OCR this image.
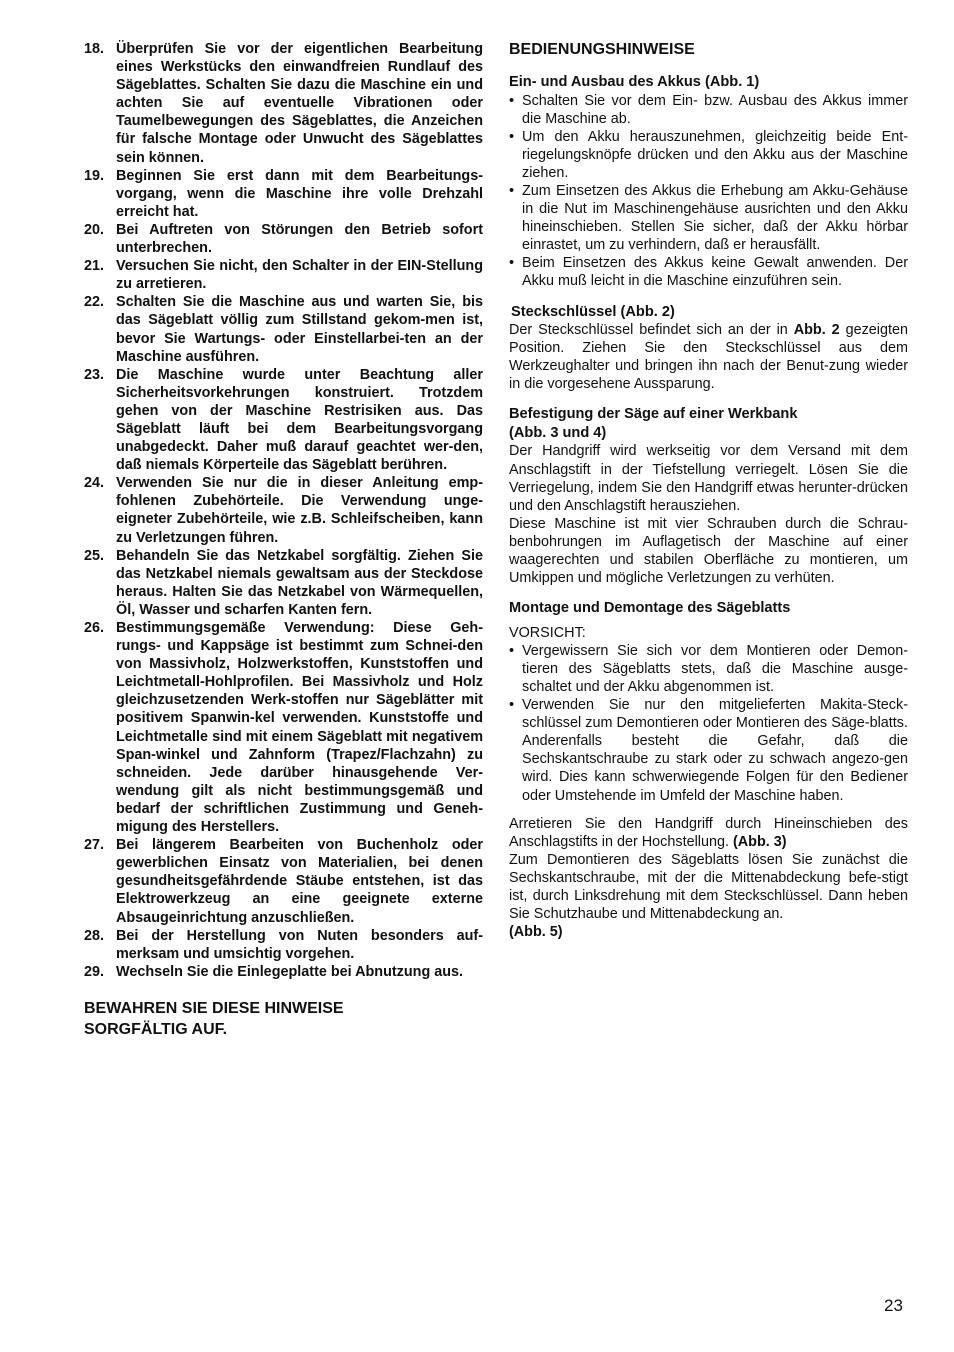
18. Überprüfen Sie vor der eigentlichen Bearbeitung eines Werkstücks den einwandfreien Rundlauf des Sägeblattes. Schalten Sie dazu die Maschine ein und achten Sie auf eventuelle Vibrationen oder Taumelbewegungen des Sägeblattes, die Anzeichen für falsche Montage oder Unwucht des Sägeblattes sein können.
19. Beginnen Sie erst dann mit dem Bearbeitungs-vorgang, wenn die Maschine ihre volle Drehzahl erreicht hat.
20. Bei Auftreten von Störungen den Betrieb sofort unterbrechen.
21. Versuchen Sie nicht, den Schalter in der EIN-Stellung zu arretieren.
22. Schalten Sie die Maschine aus und warten Sie, bis das Sägeblatt völlig zum Stillstand gekom-men ist, bevor Sie Wartungs- oder Einstellarbei-ten an der Maschine ausführen.
23. Die Maschine wurde unter Beachtung aller Sicherheitsvorkehrungen konstruiert. Trotzdem gehen von der Maschine Restrisiken aus. Das Sägeblatt läuft bei dem Bearbeitungsvorgang unabgedeckt. Daher muß darauf geachtet wer-den, daß niemals Körperteile das Sägeblatt berühren.
24. Verwenden Sie nur die in dieser Anleitung emp-fohlenen Zubehörteile. Die Verwendung unge-eigneter Zubehörteile, wie z.B. Schleifscheiben, kann zu Verletzungen führen.
25. Behandeln Sie das Netzkabel sorgfältig. Ziehen Sie das Netzkabel niemals gewaltsam aus der Steckdose heraus. Halten Sie das Netzkabel von Wärmequellen, Öl, Wasser und scharfen Kanten fern.
26. Bestimmungsgemäße Verwendung: Diese Geh-rungs- und Kappsäge ist bestimmt zum Schnei-den von Massivholz, Holzwerkstoffen, Kunststoffen und Leichtmetall-Hohlprofilen. Bei Massivholz und Holz gleichzusetzenden Werk-stoffen nur Sägeblätter mit positivem Spanwin-kel verwenden. Kunststoffe und Leichtmetalle sind mit einem Sägeblatt mit negativem Span-winkel und Zahnform (Trapez/Flachzahn) zu schneiden. Jede darüber hinausgehende Ver-wendung gilt als nicht bestimmungsgemäß und bedarf der schriftlichen Zustimmung und Geneh-migung des Herstellers.
27. Bei längerem Bearbeiten von Buchenholz oder gewerblichen Einsatz von Materialien, bei denen gesundheitsgefährdende Stäube entstehen, ist das Elektrowerkzeug an eine geeignete externe Absaugeinrichtung anzuschließen.
28. Bei der Herstellung von Nuten besonders auf-merksam und umsichtig vorgehen.
29. Wechseln Sie die Einlegeplatte bei Abnutzung aus.
BEWAHREN SIE DIESE HINWEISE
SORGFÄLTIG AUF.
BEDIENUNGSHINWEISE
Ein- und Ausbau des Akkus (Abb. 1)
• Schalten Sie vor dem Ein- bzw. Ausbau des Akkus immer die Maschine ab.
• Um den Akku herauszunehmen, gleichzeitig beide Ent-riegelungsknöpfe drücken und den Akku aus der Maschine ziehen.
• Zum Einsetzen des Akkus die Erhebung am Akku-Gehäuse in die Nut im Maschinengehäuse ausrichten und den Akku hineinschieben. Stellen Sie sicher, daß der Akku hörbar einrastet, um zu verhindern, daß er herausfällt.
• Beim Einsetzen des Akkus keine Gewalt anwenden. Der Akku muß leicht in die Maschine einzuführen sein.
Steckschlüssel (Abb. 2)
Der Steckschlüssel befindet sich an der in Abb. 2 gezeigten Position. Ziehen Sie den Steckschlüssel aus dem Werkzeughalter und bringen ihn nach der Benut-zung wieder in die vorgesehene Aussparung.
Befestigung der Säge auf einer Werkbank
(Abb. 3 und 4)
Der Handgriff wird werkseitig vor dem Versand mit dem Anschlagstift in der Tiefstellung verriegelt. Lösen Sie die Verriegelung, indem Sie den Handgriff etwas herunter-drücken und den Anschlagstift herausziehen.
Diese Maschine ist mit vier Schrauben durch die Schrau-benbohrungen im Auflagetisch der Maschine auf einer waagerechten und stabilen Oberfläche zu montieren, um Umkippen und mögliche Verletzungen zu verhüten.
Montage und Demontage des Sägeblatts
VORSICHT:
• Vergewissern Sie sich vor dem Montieren oder Demon-tieren des Sägeblatts stets, daß die Maschine ausge-schaltet und der Akku abgenommen ist.
• Verwenden Sie nur den mitgelieferten Makita-Steck-schlüssel zum Demontieren oder Montieren des Säge-blatts. Anderenfalls besteht die Gefahr, daß die Sechskantschraube zu stark oder zu schwach angezo-gen wird. Dies kann schwerwiegende Folgen für den Bediener oder Umstehende im Umfeld der Maschine haben.
Arretieren Sie den Handgriff durch Hineinschieben des Anschlagstifts in der Hochstellung. (Abb. 3)
Zum Demontieren des Sägeblatts lösen Sie zunächst die Sechskantschraube, mit der die Mittenabdeckung befe-stigt ist, durch Linksdrehung mit dem Steckschlüssel. Dann heben Sie Schutzhaube und Mittenabdeckung an.
(Abb. 5)
23
